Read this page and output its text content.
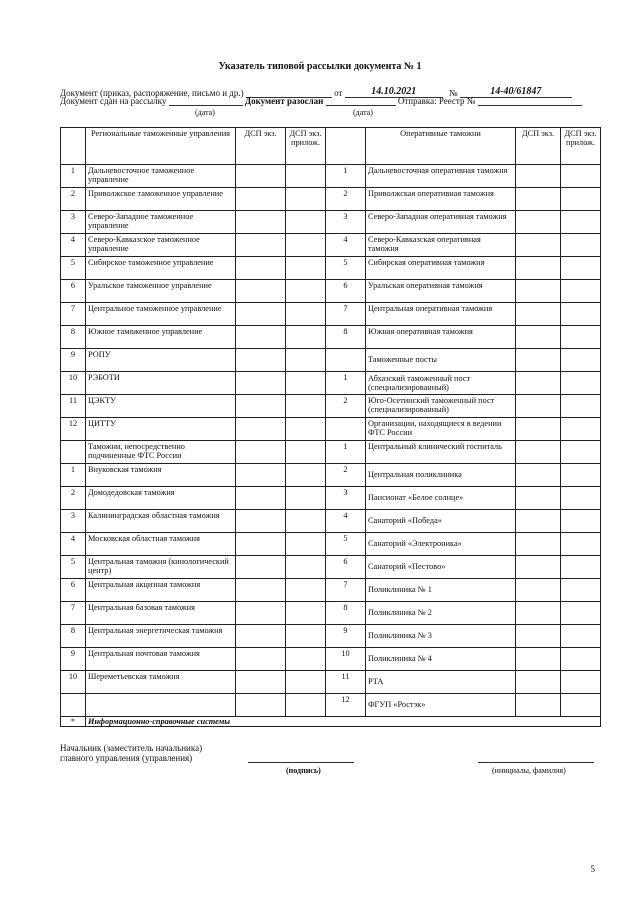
Указатель типовой рассылки документа № 1
Документ (приказ, распоряжение, письмо и др.)	от	14.10.2021	№	14-40/61847
Документ сдан на рассылку	Документ разослан	Отправка: Реестр №
(дата)	(дата)
	Региональные таможенные управления	ДСП экз.	ДСП экз. прилож.		Оперативные таможни	ДСП экз.	ДСП экз. прилож.
1	Дальневосточное таможенное управление			1	Дальневосточная оперативная таможня		
2	Приволжское таможенное управление			2	Приволжская оперативная таможня		
3	Северо-Западное таможенное управление			3	Северо-Западная оперативная таможня		
4	Северо-Кавказское таможенное управление			4	Северо-Кавказская оперативная таможня		
5	Сибирское таможенное управление			5	Сибирская оперативная таможня		
6	Уральское таможенное управление			6	Уральская оперативная таможня		
7	Центральное таможенное управление			7	Центральная оперативная таможня		
8	Южное таможенное управление			8	Южная оперативная таможня		
9	РОПУ				Таможенные посты		
10	РЭБОТИ			1	Абхазский таможенный пост (специализированный)		
11	ЦЭКТУ			2	Юго-Осетинский таможенный пост (специализированный)		
12	ЦИТТУ				Организации, находящиеся в ведении ФТС России		
	Таможни, непосредственно подчиненные ФТС России			1	Центральный клинический госпиталь		
1	Внуковская таможня			2	Центральная поликлиника		
2	Домодедовская таможня			3	Пансионат «Белое солнце»		
3	Калининградская областная таможня			4	Санаторий «Победа»		
4	Московская областная таможня			5	Санаторий «Электроника»		
5	Центральная таможня (кинологический центр)			6	Санаторий «Пестово»		
6	Центральная акцизная таможня			7	Поликлиника № 1		
7	Центральная базовая таможня			8	Поликлиника № 2		
8	Центральная энергетическая таможня			9	Поликлиника № 3		
9	Центральная почтовая таможня			10	Поликлиника № 4		
10	Шереметьевская таможня			11	РТА		
				12	ФГУП «Ростэк»		
*	Информационно-справочные системы						
Начальник (заместитель начальника)
главного управления (управления)
(подпись)	(инициалы, фамилия)
5
